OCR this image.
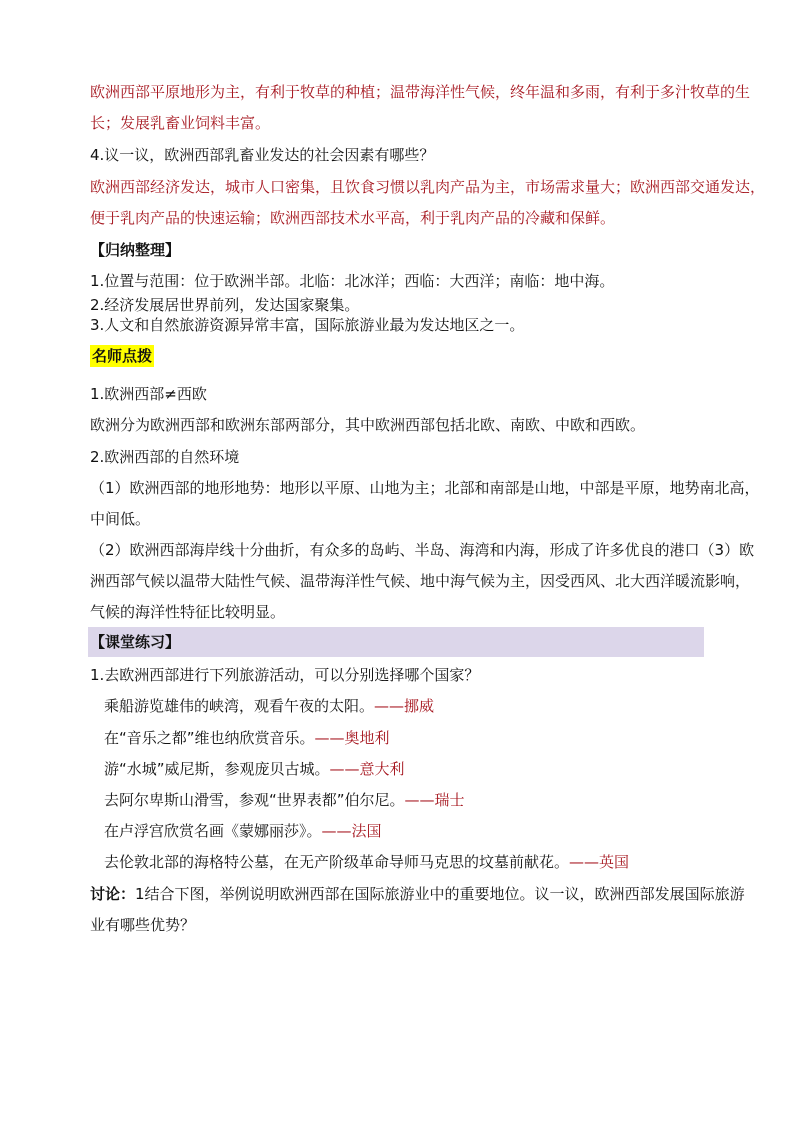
欧洲西部平原地形为主，有利于牧草的种植；温带海洋性气候，终年温和多雨，有利于多汁牧草的生
长；发展乳畜业饲料丰富。
4.议一议，欧洲西部乳畜业发达的社会因素有哪些？
欧洲西部经济发达，城市人口密集，且饮食习惯以乳肉产品为主，市场需求量大；欧洲西部交通发达，
便于乳肉产品的快速运输；欧洲西部技术水平高，利于乳肉产品的冷藏和保鲜。
【归纳整理】
1.位置与范围：位于欧洲半部。北临：北冰洋；西临：大西洋；南临：地中海。
2.经济发展居世界前列，发达国家聚集。
3.人文和自然旅游资源异常丰富，国际旅游业最为发达地区之一。
名师点拨
1.欧洲西部≠西欧
欧洲分为欧洲西部和欧洲东部两部分，其中欧洲西部包括北欧、南欧、中欧和西欧。
2.欧洲西部的自然环境
（1）欧洲西部的地形地势：地形以平原、山地为主；北部和南部是山地，中部是平原，地势南北高，
中间低。
（2）欧洲西部海岸线十分曲折，有众多的岛屿、半岛、海湾和内海，形成了许多优良的港口（3）欧
洲西部气候以温带大陆性气候、温带海洋性气候、地中海气候为主，因受西风、北大西洋暖流影响，
气候的海洋性特征比较明显。
【课堂练习】
1.去欧洲西部进行下列旅游活动，可以分别选择哪个国家？
乘船游览雄伟的峡湾，观看午夜的太阳。——挪威
在“音乐之都”维也纳欣赏音乐。——奥地利
游“水城”威尼斯，参观庞贝古城。——意大利
去阿尔卑斯山滑雪，参观“世界表都”伯尔尼。——瑞士
在卢浮宫欣赏名画《蒙娜丽莎》。——法国
去伦敦北部的海格特公墓，在无产阶级革命导师马克思的坟墓前献花。——英国
讨论：1结合下图，举例说明欧洲西部在国际旅游业中的重要地位。议一议，欧洲西部发展国际旅游
业有哪些优势？
